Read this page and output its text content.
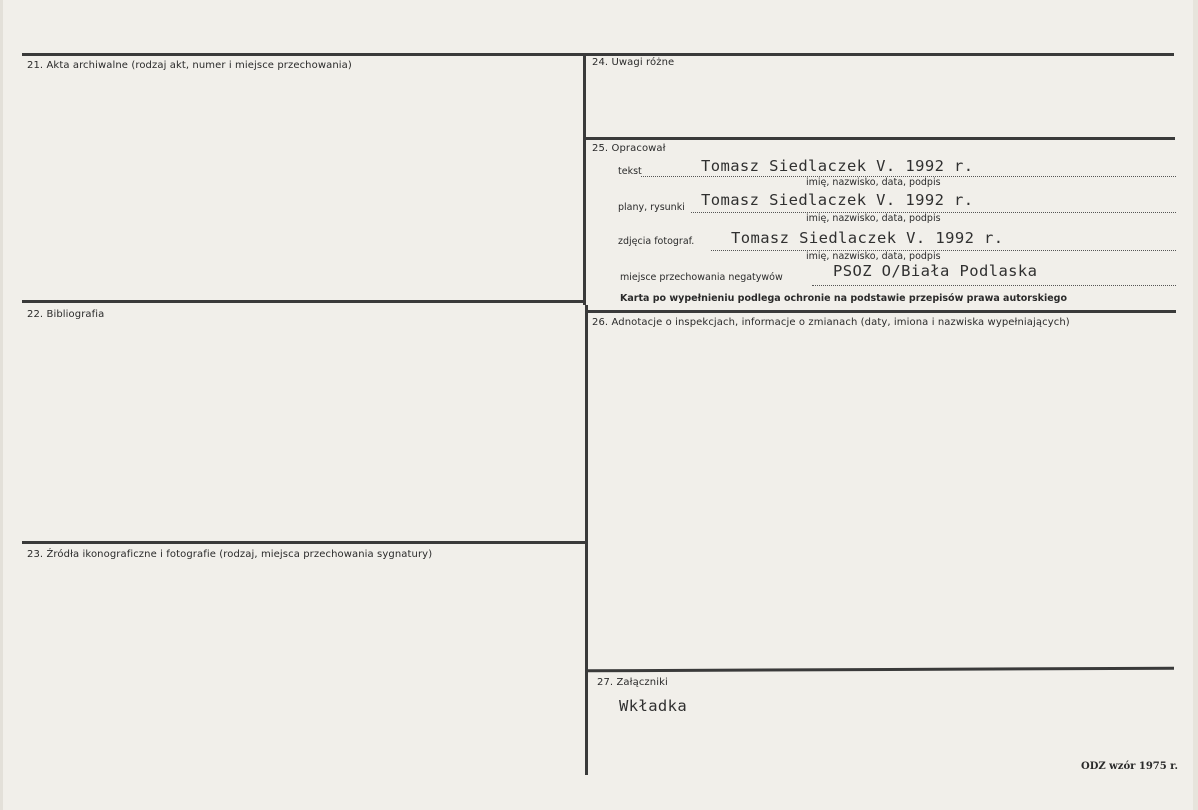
21. Akta archiwalne (rodzaj akt, numer i miejsce przechowania)
22. Bibliografia
23. Źródła ikonograficzne i fotografie (rodzaj, miejsca przechowania sygnatury)
24. Uwagi różne
25. Opracował
26. Adnotacje o inspekcjach, informacje o zmianach (daty, imiona i nazwiska wypełniających)
27. Załączniki
tekst	Tomasz Siedlaczek V. 1992 r.
imię, nazwisko, data, podpis
plany, rysunki Tomasz Siedlaczek V. 1992 r.
imię, nazwisko, data, podpis
zdjęcia fotograf. Tomasz Siedlaczek V. 1992 r.
imię, nazwisko, data, podpis
miejsce przechowania negatywów	PSOZ O/Biała Podlaska
Karta po wypełnieniu podlega ochronie na podstawie przepisów prawa autorskiego
Wkładka
ODZ wzór 1975 r.
